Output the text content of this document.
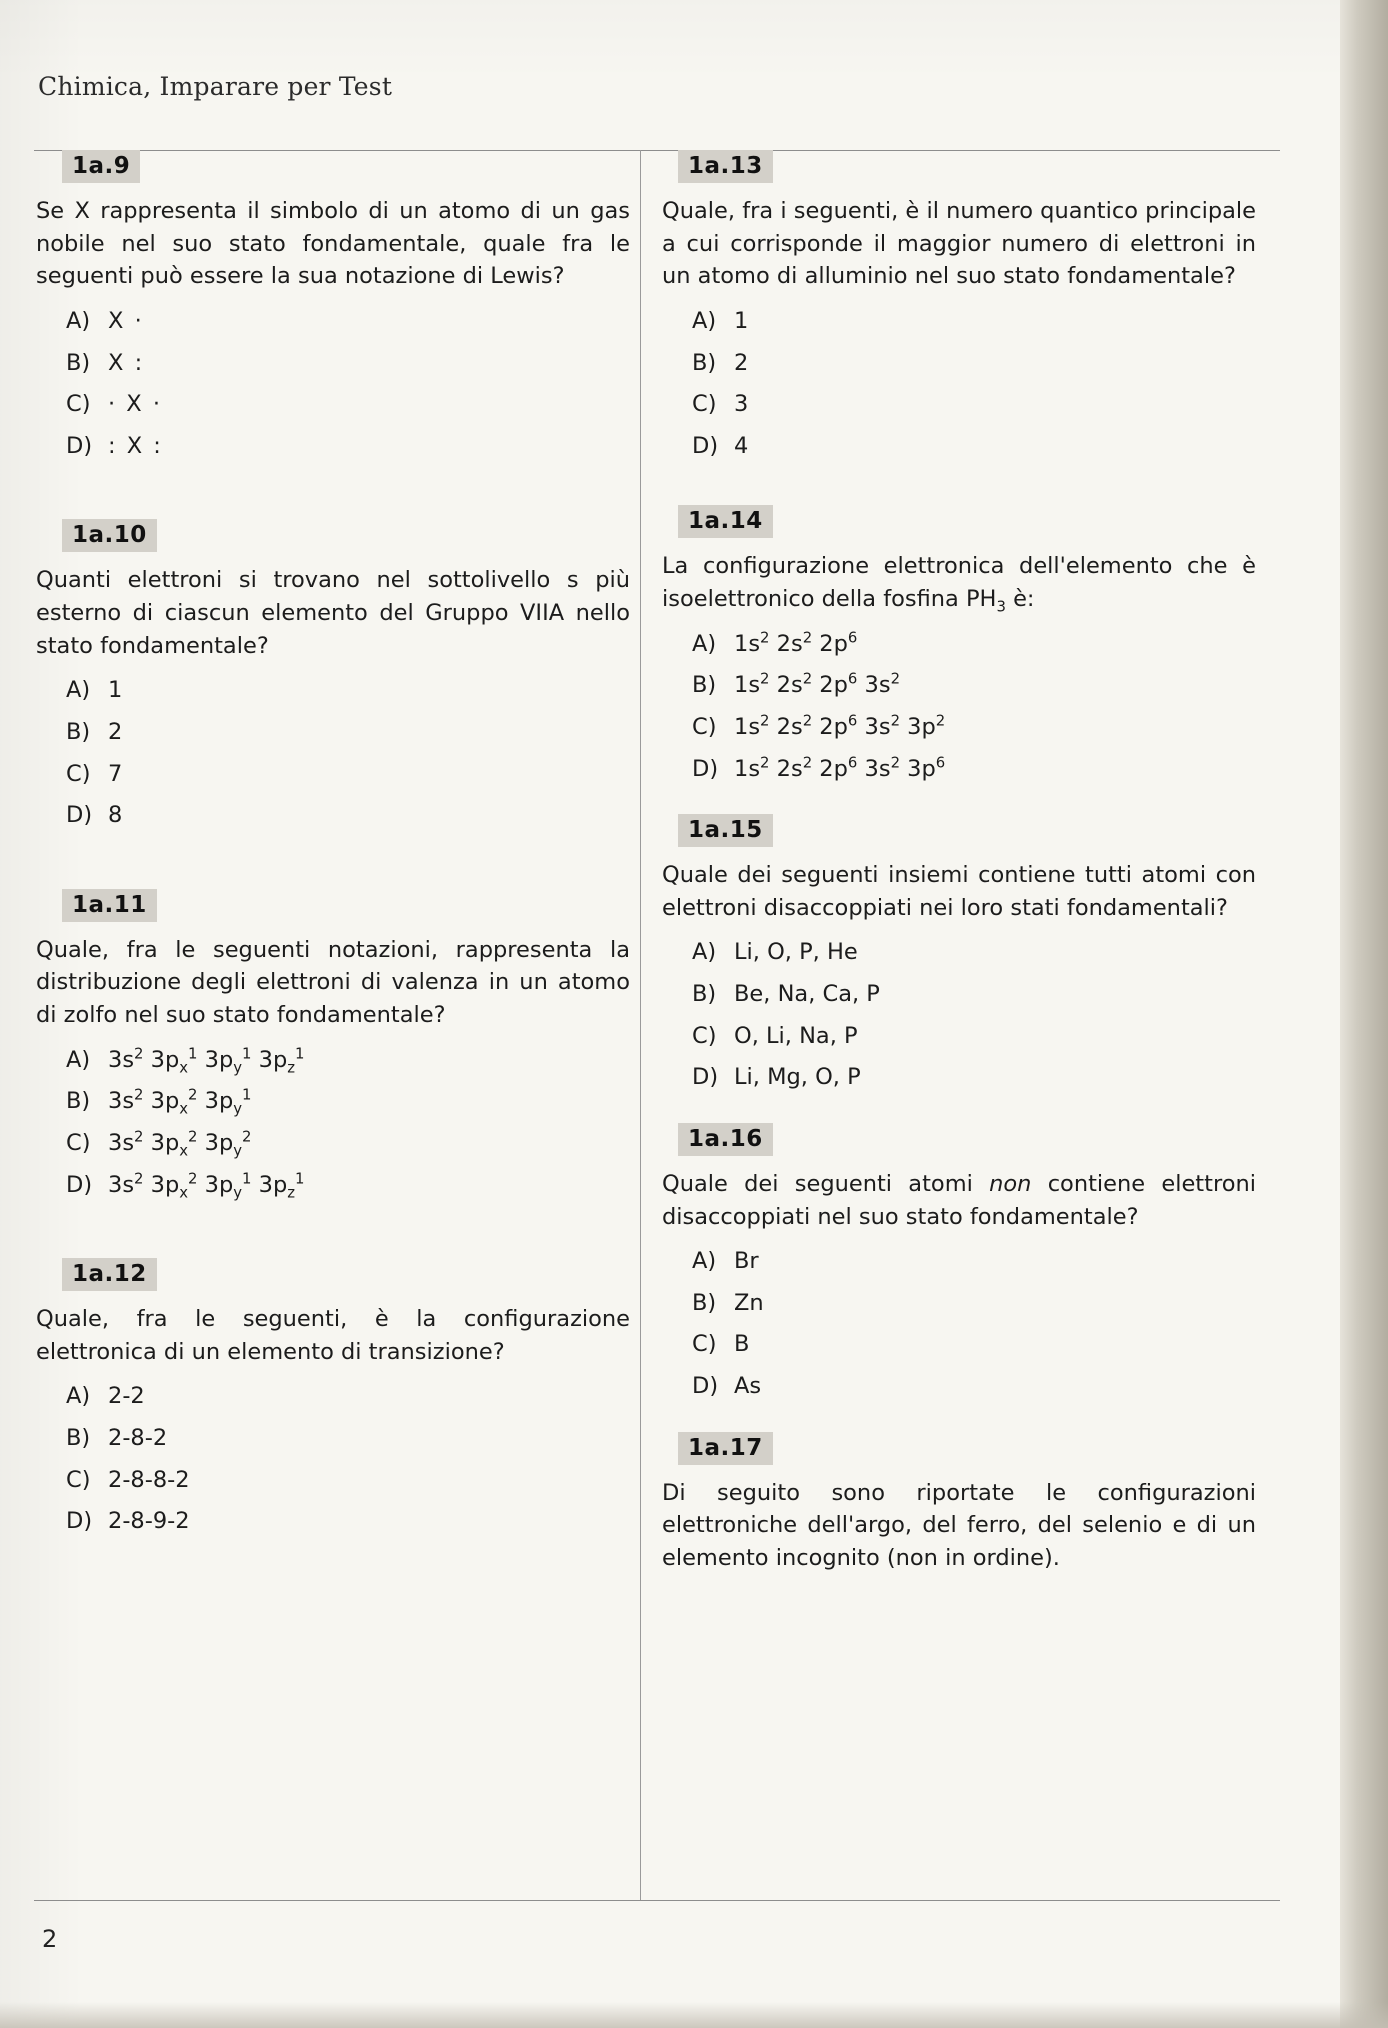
Chimica, Imparare per Test
1a.9
Se X rappresenta il simbolo di un atomo di un gas nobile nel suo stato fondamentale, quale fra le seguenti può essere la sua notazione di Lewis?
A) X ·
B) X :
C) · X ·
D) : X :
1a.10
Quanti elettroni si trovano nel sottolivello s più esterno di ciascun elemento del Gruppo VIIA nello stato fondamentale?
A) 1
B) 2
C) 7
D) 8
1a.11
Quale, fra le seguenti notazioni, rappresenta la distribuzione degli elettroni di valenza in un atomo di zolfo nel suo stato fondamentale?
A) $3s^2$ $3p_x^1$ $3p_y^1$ $3p_z^1$
B) $3s^2$ $3p_x^2$ $3p_y^1$
C) $3s^2$ $3p_x^2$ $3p_y^2$
D) $3s^2$ $3p_x^2$ $3p_y^1$ $3p_z^1$
1a.12
Quale, fra le seguenti, è la configurazione elettronica di un elemento di transizione?
A) 2-2
B) 2-8-2
C) 2-8-8-2
D) 2-8-9-2
1a.13
Quale, fra i seguenti, è il numero quantico principale a cui corrisponde il maggior numero di elettroni in un atomo di alluminio nel suo stato fondamentale?
A) 1
B) 2
C) 3
D) 4
1a.14
La configurazione elettronica dell'elemento che è isoelettronico della fosfina $PH_3$ è:
A) $1s^2$ $2s^2$ $2p^6$
B) $1s^2$ $2s^2$ $2p^6$ $3s^2$
C) $1s^2$ $2s^2$ $2p^6$ $3s^2$ $3p^2$
D) $1s^2$ $2s^2$ $2p^6$ $3s^2$ $3p^6$
1a.15
Quale dei seguenti insiemi contiene tutti atomi con elettroni disaccoppiati nei loro stati fondamentali?
A) Li, O, P, He
B) Be, Na, Ca, P
C) O, Li, Na, P
D) Li, Mg, O, P
1a.16
Quale dei seguenti atomi non contiene elettroni disaccoppiati nel suo stato fondamentale?
A) Br
B) Zn
C) B
D) As
1a.17
Di seguito sono riportate le configurazioni elettroniche dell'argo, del ferro, del selenio e di un elemento incognito (non in ordine).
2
